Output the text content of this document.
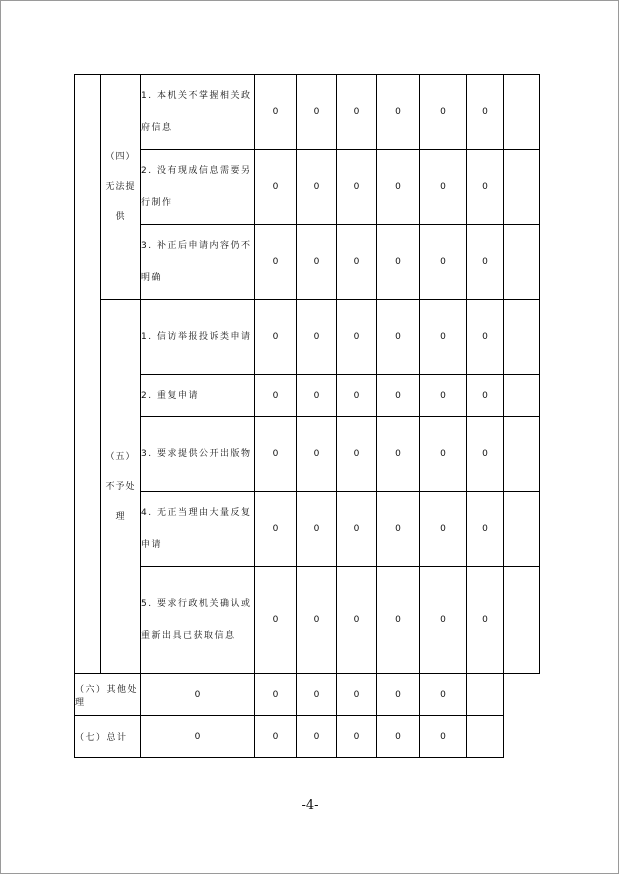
	（四）无法提供	1. 本机关不掌握相关政府信息	0	0	0	0	0	0	
		2. 没有现成信息需要另行制作	0	0	0	0	0	0	
		3. 补正后申请内容仍不明确	0	0	0	0	0	0	
	（五）不予处理	1. 信访举报投诉类申请	0	0	0	0	0	0	
		2. 重复申请	0	0	0	0	0	0	
		3. 要求提供公开出版物	0	0	0	0	0	0	
		4. 无正当理由大量反复申请	0	0	0	0	0	0	
		5. 要求行政机关确认或重新出具已获取信息	0	0	0	0	0	0	
（六）其他处理		0	0	0	0	0	0		
（七）总计		0	0	0	0	0	0		
-4-
